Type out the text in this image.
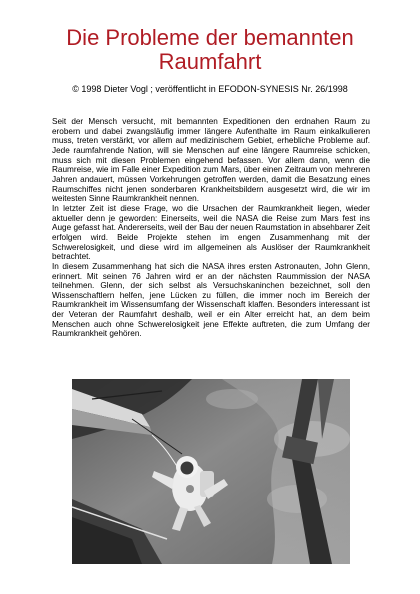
Die Probleme der bemannten
Raumfahrt
© 1998 Dieter Vogl ; veröffentlicht in EFODON-SYNESIS Nr. 26/1998

Seit der Mensch versucht, mit bemannten Expeditionen den erdnahen Raum zu erobern und dabei zwangsläufig immer längere Aufenthalte im Raum einkalkulieren muss, treten verstärkt, vor allem auf medizinischem Gebiet, erhebliche Probleme auf. Jede raumfahrende Nation, will sie Menschen auf eine längere Raumreise schicken, muss sich mit diesen Problemen eingehend befassen. Vor allem dann, wenn die Raumreise, wie im Falle einer Expedition zum Mars, über einen Zeitraum von mehreren Jahren andauert, müssen Vorkehrungen getroffen werden, damit die Besatzung eines Raumschiffes nicht jenen sonderbaren Krankheitsbildern ausgesetzt wird, die wir im weitesten Sinne Raumkrankheit nennen.

In letzter Zeit ist diese Frage, wo die Ursachen der Raumkrankheit liegen, wieder aktueller denn je geworden: Einerseits, weil die NASA die Reise zum Mars fest ins Auge gefasst hat. Andererseits, weil der Bau der neuen Raumstation in absehbarer Zeit erfolgen wird. Beide Projekte stehen im engen Zusammenhang mit der Schwerelosigkeit, und diese wird im allgemeinen als Auslöser der Raumkrankheit betrachtet.

In diesem Zusammenhang hat sich die NASA ihres ersten Astronauten, John Glenn, erinnert. Mit seinen 76 Jahren wird er an der nächsten Raummission der NASA teilnehmen. Glenn, der sich selbst als Versuchskaninchen bezeichnet, soll den Wissenschaftlern helfen, jene Lücken zu füllen, die immer noch im Bereich der Raumkrankheit im Wissensumfang der Wissenschaft klaffen. Besonders interessant ist der Veteran der Raumfahrt deshalb, weil er ein Alter erreicht hat, an dem beim Menschen auch ohne Schwerelosigkeit jene Effekte auftreten, die zum Umfang der Raumkrankheit gehören.
